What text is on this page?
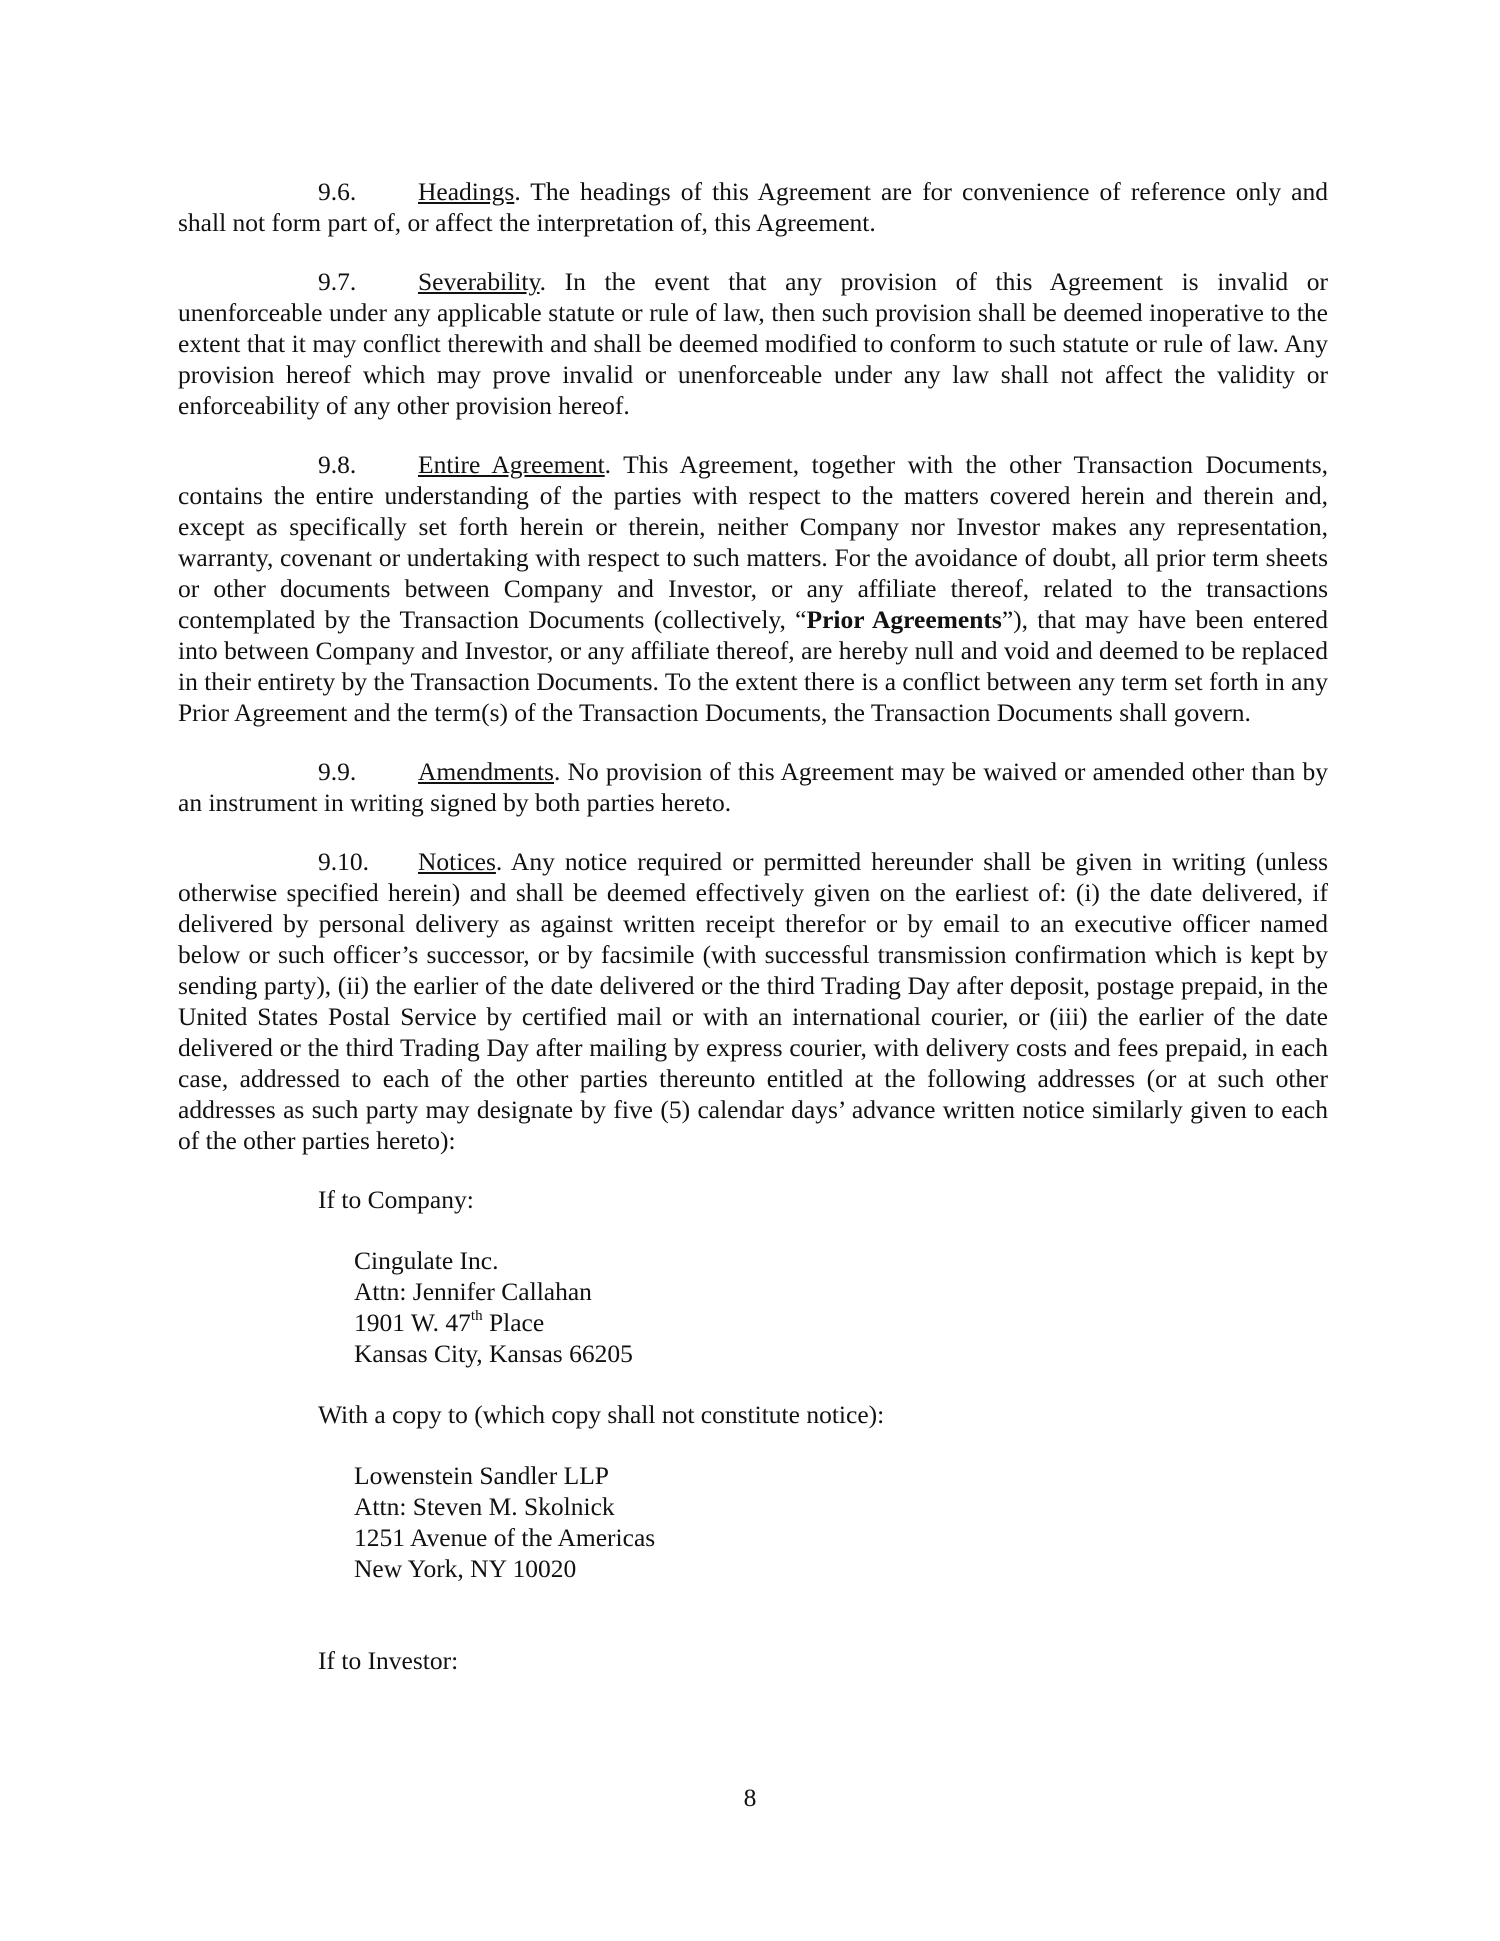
9.6. Headings. The headings of this Agreement are for convenience of reference only and shall not form part of, or affect the interpretation of, this Agreement.

9.7. Severability. In the event that any provision of this Agreement is invalid or unenforceable under any applicable statute or rule of law, then such provision shall be deemed inoperative to the extent that it may conflict therewith and shall be deemed modified to conform to such statute or rule of law. Any provision hereof which may prove invalid or unenforceable under any law shall not affect the validity or enforceability of any other provision hereof.

9.8. Entire Agreement. This Agreement, together with the other Transaction Documents, contains the entire understanding of the parties with respect to the matters covered herein and therein and, except as specifically set forth herein or therein, neither Company nor Investor makes any representation, warranty, covenant or undertaking with respect to such matters. For the avoidance of doubt, all prior term sheets or other documents between Company and Investor, or any affiliate thereof, related to the transactions contemplated by the Transaction Documents (collectively, “Prior Agreements”), that may have been entered into between Company and Investor, or any affiliate thereof, are hereby null and void and deemed to be replaced in their entirety by the Transaction Documents. To the extent there is a conflict between any term set forth in any Prior Agreement and the term(s) of the Transaction Documents, the Transaction Documents shall govern.

9.9. Amendments. No provision of this Agreement may be waived or amended other than by an instrument in writing signed by both parties hereto.

9.10. Notices. Any notice required or permitted hereunder shall be given in writing (unless otherwise specified herein) and shall be deemed effectively given on the earliest of: (i) the date delivered, if delivered by personal delivery as against written receipt therefor or by email to an executive officer named below or such officer’s successor, or by facsimile (with successful transmission confirmation which is kept by sending party), (ii) the earlier of the date delivered or the third Trading Day after deposit, postage prepaid, in the United States Postal Service by certified mail or with an international courier, or (iii) the earlier of the date delivered or the third Trading Day after mailing by express courier, with delivery costs and fees prepaid, in each case, addressed to each of the other parties thereunto entitled at the following addresses (or at such other addresses as such party may designate by five (5) calendar days’ advance written notice similarly given to each of the other parties hereto):

If to Company:
Cingulate Inc.
Attn: Jennifer Callahan
1901 W. 47th Place
Kansas City, Kansas 66205
With a copy to (which copy shall not constitute notice):
Lowenstein Sandler LLP
Attn: Steven M. Skolnick
1251 Avenue of the Americas
New York, NY 10020
If to Investor:
8
